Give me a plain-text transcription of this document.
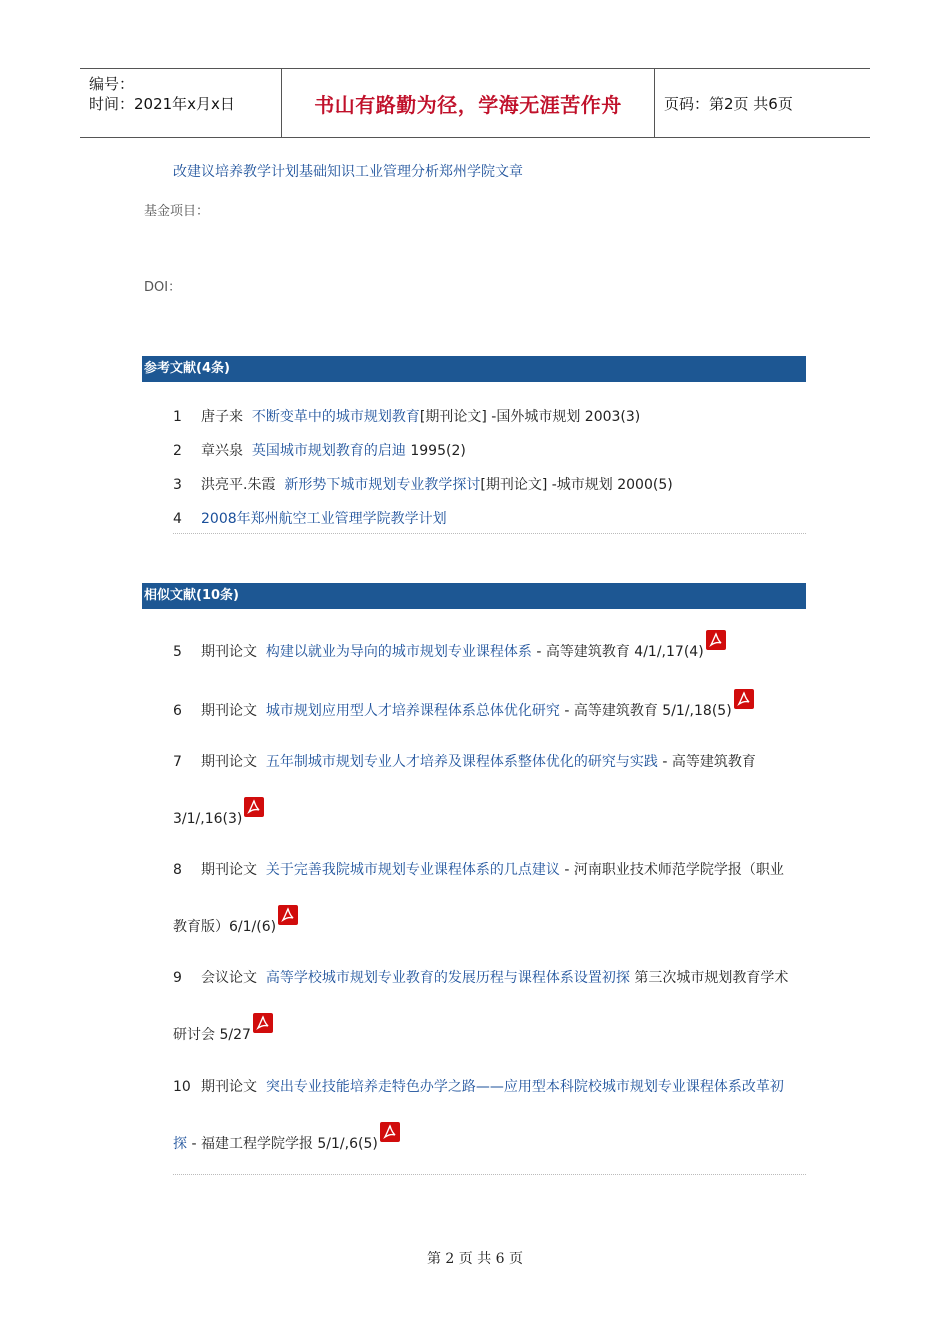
编号：
时间：2021年x月x日	书山有路勤为径，学海无涯苦作舟	页码：第2页 共6页
改建议培养教学计划基础知识工业管理分析郑州学院文章
基金项目：
DOI：
参考文献(4条)
1 唐子来 不断变革中的城市规划教育[期刊论文] -国外城市规划 2003(3)
2 章兴泉 英国城市规划教育的启迪 1995(2)
3 洪亮平.朱霞 新形势下城市规划专业教学探讨[期刊论文] -城市规划 2000(5)
4 2008年郑州航空工业管理学院教学计划
相似文献(10条)
5 期刊论文 构建以就业为导向的城市规划专业课程体系 - 高等建筑教育 4/1/,17(4)
6 期刊论文 城市规划应用型人才培养课程体系总体优化研究 - 高等建筑教育 5/1/,18(5)
7 期刊论文 五年制城市规划专业人才培养及课程体系整体优化的研究与实践 - 高等建筑教育
3/1/,16(3)
8 期刊论文 关于完善我院城市规划专业课程体系的几点建议 - 河南职业技术师范学院学报（职业
教育版）6/1/(6)
9 会议论文 高等学校城市规划专业教育的发展历程与课程体系设置初探 第三次城市规划教育学术
研讨会 5/27
10 期刊论文 突出专业技能培养走特色办学之路——应用型本科院校城市规划专业课程体系改革初
探 - 福建工程学院学报 5/1/,6(5)
第 2 页 共 6 页
